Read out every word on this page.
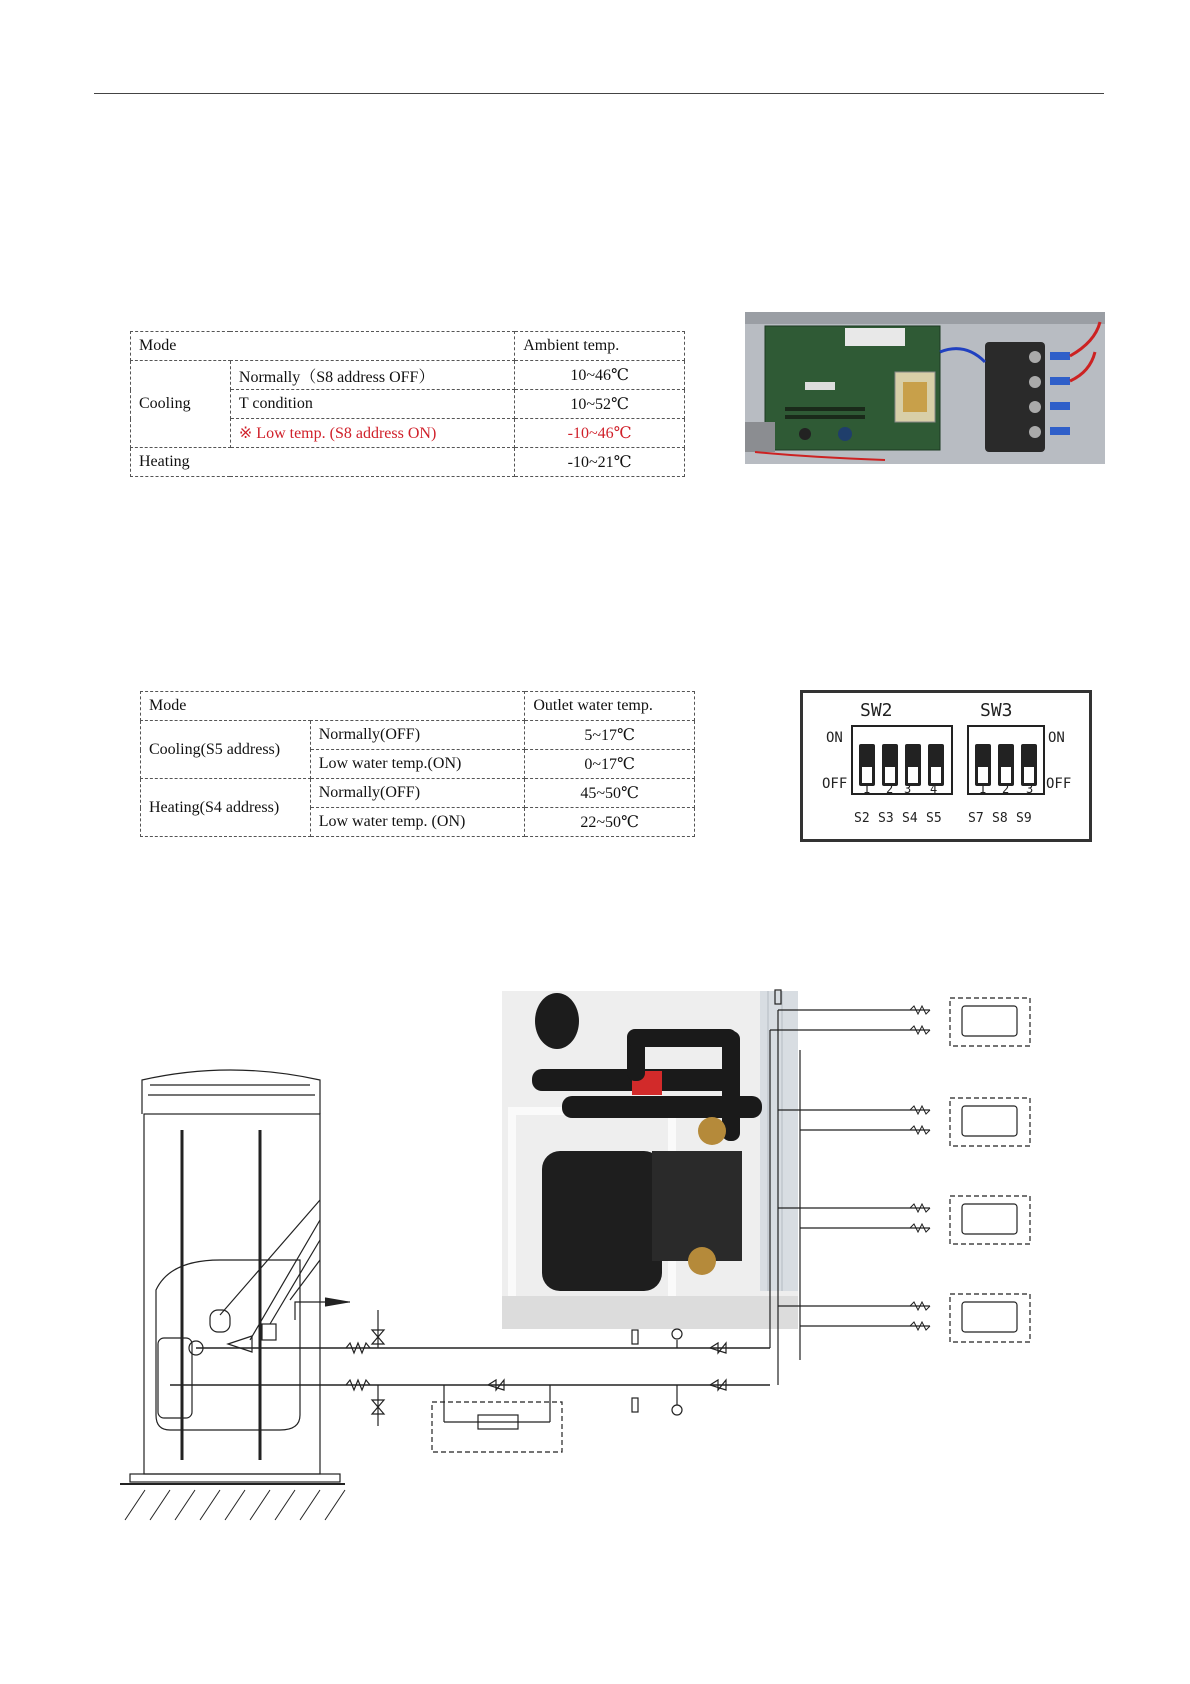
Mode		Ambient temp.
Cooling	Normally（S8 address OFF）	10~46℃
	T condition	10~52℃
	※ Low temp. (S8 address ON)	-10~46℃
Heating		-10~21℃
Mode		Outlet water temp.
Cooling(S5 address)	Normally(OFF)	5~17℃
	Low water temp.(ON)	0~17℃
Heating(S4 address)	Normally(OFF)	45~50℃
	Low water temp. (ON)	22~50℃
SW2	SW3
ON	ON
OFF	OFF
1 2 3 4	1 2 3
S2 S3 S4 S5 S7 S8 S9
